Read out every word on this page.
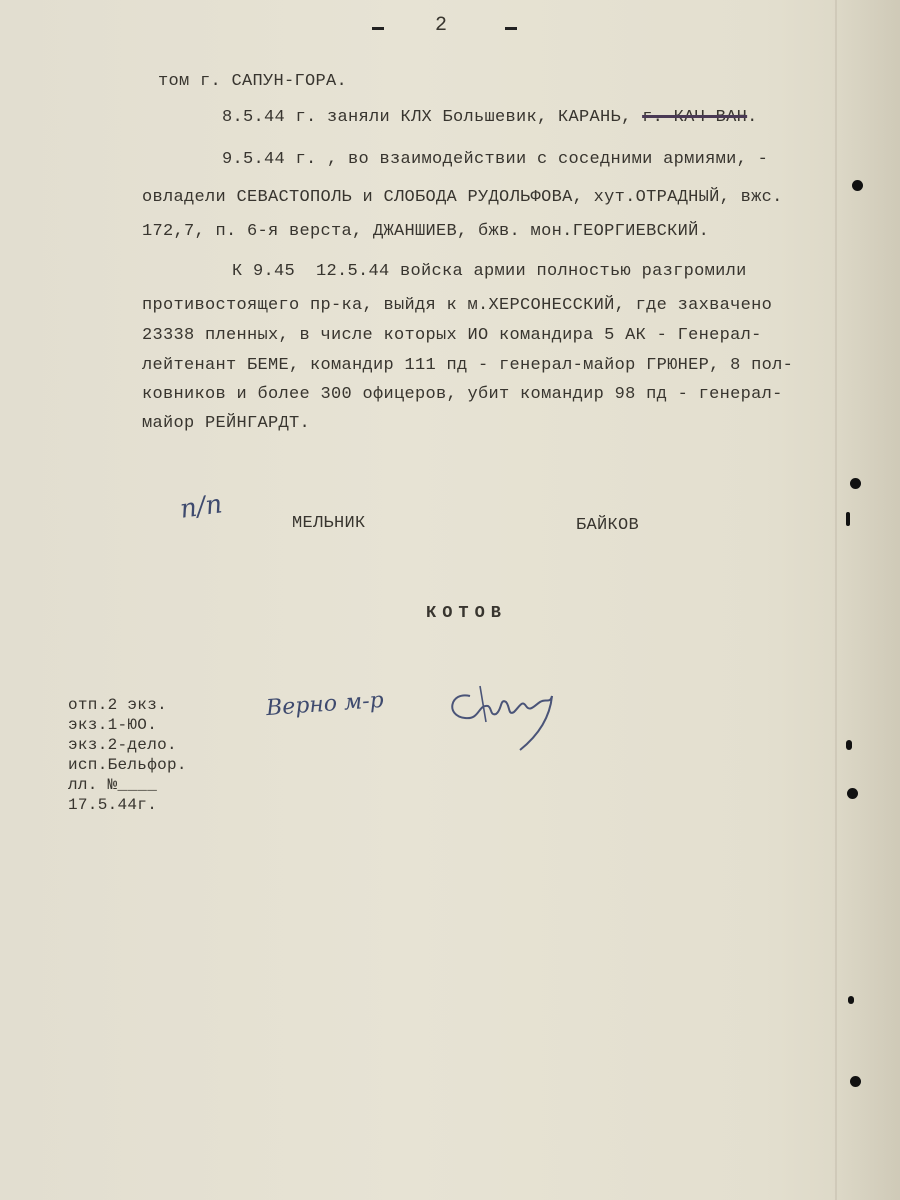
2
том г. САПУН-ГОРА.
8.5.44 г. заняли КЛХ Большевик, КАРАНЬ, г. КАЧ-ВАН.
9.5.44 г. , во взаимодействии с соседними армиями, -
овладели СЕВАСТОПОЛЬ и СЛОБОДА РУДОЛЬФОВА, хут.ОТРАДНЫЙ, вжс.
172,7, п. 6-я верста, ДЖАНШИЕВ, бжв. мон.ГЕОРГИЕВСКИЙ.
К 9.45  12.5.44 войска армии полностью разгромили
противостоящего пр-ка, выйдя к м.ХЕРСОНЕССКИЙ, где захвачено
23338 пленных, в числе которых ИО командира 5 АК - Генерал-
лейтенант БЕМЕ, командир 111 пд - генерал-майор ГРЮНЕР, 8 пол-
ковников и более 300 офицеров, убит командир 98 пд - генерал-
майор РЕЙНГАРДТ.
п/п	МЕЛЬНИК	БАЙКОВ
КОТОВ
отп.2 экз.
экз.1-ЮО.
экз.2-дело.
исп.Бельфор.
лл. №____
17.5.44г.
Верно м-р
